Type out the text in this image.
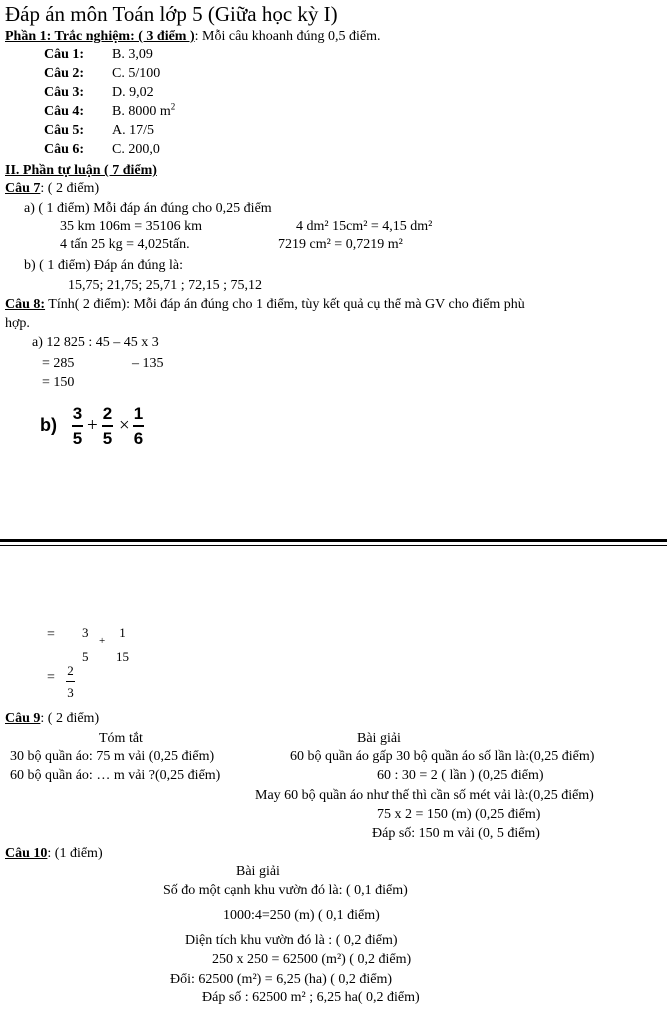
Đáp án môn Toán lớp 5 (Giữa học kỳ I)
Phần 1: Trắc nghiệm: ( 3 điểm ): Mỗi câu khoanh đúng 0,5 điểm.
Câu 1: B. 3,09
Câu 2: C. 5/100
Câu 3: D. 9,02
Câu 4: B. 8000 $m^2$
Câu 5: A. 17/5
Câu 6: C. 200,0
II. Phần tự luận ( 7 điểm)
Câu 7: ( 2 điểm)
a) ( 1 điểm) Mỗi đáp án đúng cho 0,25 điểm
35 km 106m = 35106 km	4 dm² 15cm² = 4,15 dm²
4 tấn 25 kg = 4,025tấn.	7219 cm² = 0,7219 m²
b) ( 1 điểm) Đáp án đúng là:
15,75; 21,75; 25,71 ; 72,15 ; 75,12
Câu 8: Tính( 2 điểm): Mỗi đáp án đúng cho 1 điểm, tùy kết quả cụ thể mà GV cho điểm phù
hợp.
a) 12 825 : 45 – 45 x 3
= 285	– 135
= 150
b)
3
5
+
2
5
×
1
6
= 3
5
+
1
15
= 2
3
Câu 9: ( 2 điểm)
Tóm tắt	Bài giải
30 bộ quần áo: 75 m vải (0,25 điểm)
60 bộ quần áo: … m vải ?(0,25 điểm)
60 bộ quần áo gấp 30 bộ quần áo số lần là:(0,25 điểm)
60 : 30 = 2 ( lần ) (0,25 điểm)
May 60 bộ quần áo như thế thì cần số mét vải là:(0,25 điểm)
75 x 2 = 150 (m) (0,25 điểm)
Đáp số: 150 m vải (0, 5 điểm)
Câu 10: (1 điểm)
Bài giải
Số đo một cạnh khu vườn đó là: ( 0,1 điểm)
1000:4=250 (m) ( 0,1 điểm)
Diện tích khu vườn đó là : ( 0,2 điểm)
250 x 250 = 62500 (m²) ( 0,2 điểm)
Đổi: 62500 (m²) = 6,25 (ha) ( 0,2 điểm)
Đáp số : 62500 m² ; 6,25 ha( 0,2 điểm)
